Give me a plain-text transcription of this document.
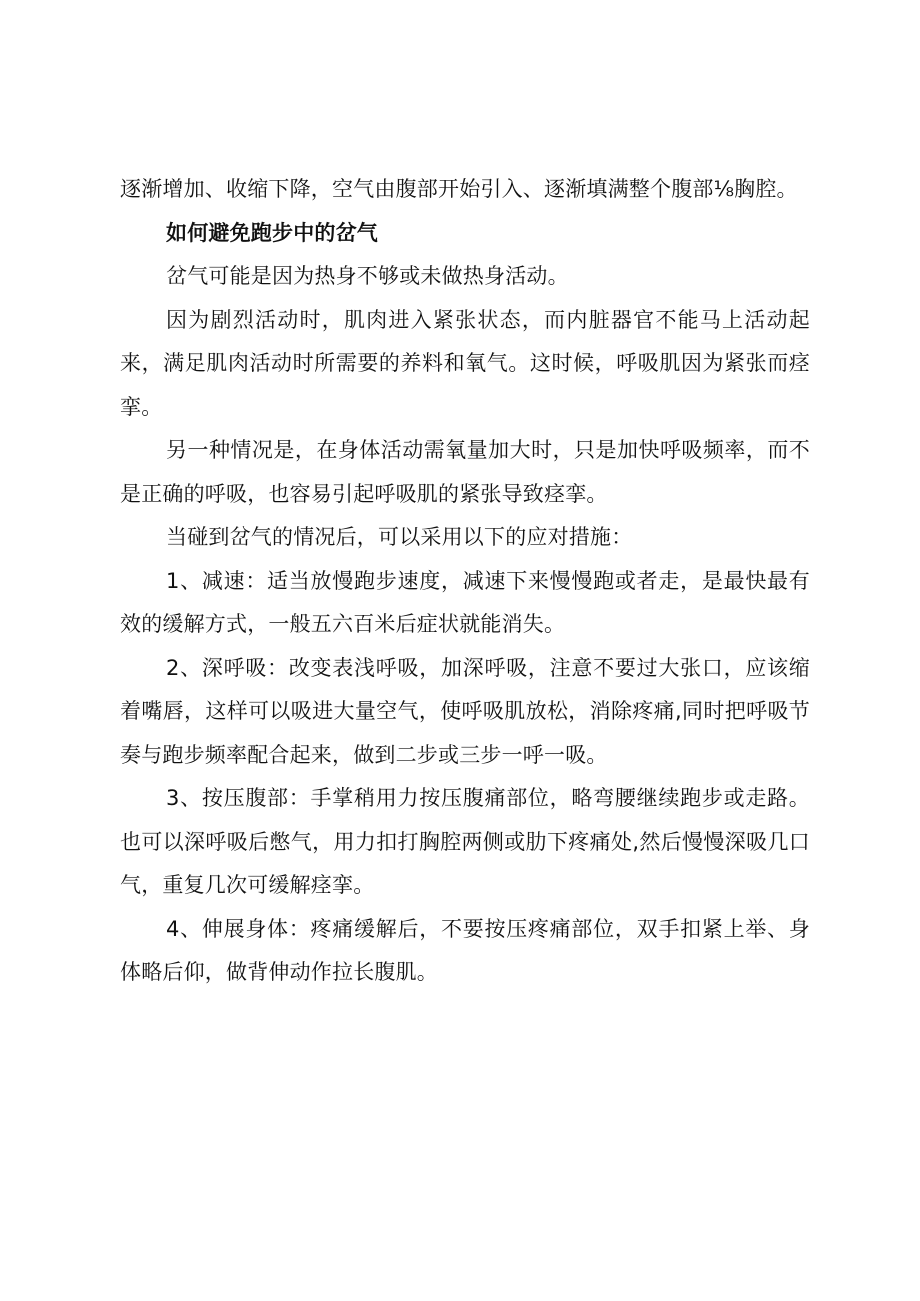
逐渐增加、收缩下降，空气由腹部开始引入、逐渐填满整个腹部⅛胸腔。

如何避免跑步中的岔气

岔气可能是因为热身不够或未做热身活动。

因为剧烈活动时，肌肉进入紧张状态，而内脏器官不能马上活动起来，满足肌肉活动时所需要的养料和氧气。这时候，呼吸肌因为紧张而痉挛。

另一种情况是，在身体活动需氧量加大时，只是加快呼吸频率，而不是正确的呼吸，也容易引起呼吸肌的紧张导致痉挛。

当碰到岔气的情况后，可以采用以下的应对措施：

1、减速：适当放慢跑步速度，减速下来慢慢跑或者走，是最快最有效的缓解方式，一般五六百米后症状就能消失。

2、深呼吸：改变表浅呼吸，加深呼吸，注意不要过大张口，应该缩着嘴唇，这样可以吸进大量空气，使呼吸肌放松，消除疼痛,同时把呼吸节奏与跑步频率配合起来，做到二步或三步一呼一吸。

3、按压腹部：手掌稍用力按压腹痛部位，略弯腰继续跑步或走路。也可以深呼吸后憋气，用力扣打胸腔两侧或肋下疼痛处,然后慢慢深吸几口气，重复几次可缓解痉挛。

4、伸展身体：疼痛缓解后，不要按压疼痛部位，双手扣紧上举、身体略后仰，做背伸动作拉长腹肌。
